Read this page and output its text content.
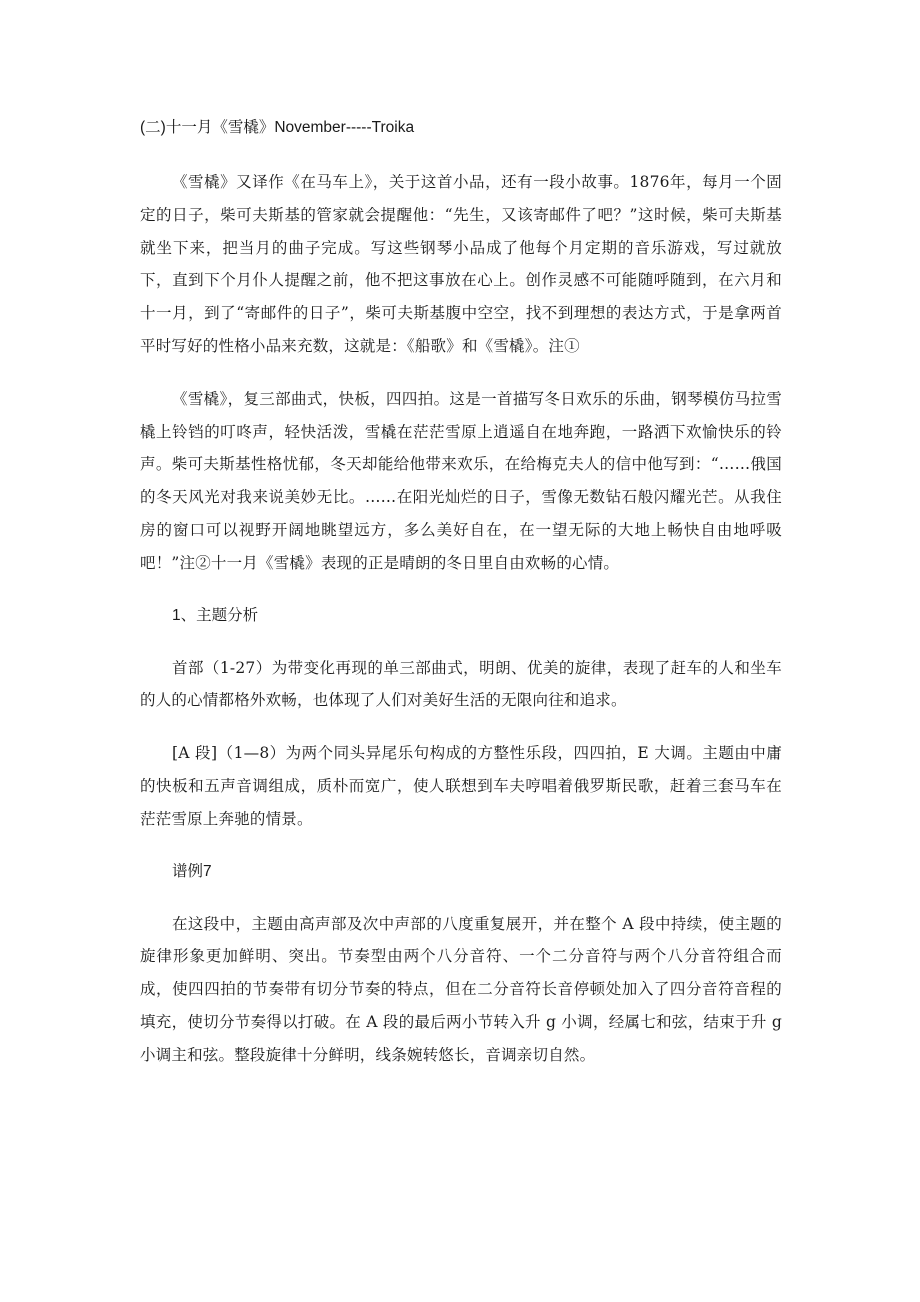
(二)十一月《雪橇》November-----Troika

《雪橇》又译作《在马车上》，关于这首小品，还有一段小故事。1876年，每月一个固定的日子，柴可夫斯基的管家就会提醒他：“先生，又该寄邮件了吧？”这时候，柴可夫斯基就坐下来，把当月的曲子完成。写这些钢琴小品成了他每个月定期的音乐游戏，写过就放下，直到下个月仆人提醒之前，他不把这事放在心上。创作灵感不可能随呼随到，在六月和十一月，到了“寄邮件的日子”，柴可夫斯基腹中空空，找不到理想的表达方式，于是拿两首平时写好的性格小品来充数，这就是：《船歌》和《雪橇》。注①

《雪橇》，复三部曲式，快板，四四拍。这是一首描写冬日欢乐的乐曲，钢琴模仿马拉雪橇上铃铛的叮咚声，轻快活泼，雪橇在茫茫雪原上逍遥自在地奔跑，一路洒下欢愉快乐的铃声。柴可夫斯基性格忧郁，冬天却能给他带来欢乐，在给梅克夫人的信中他写到：“……俄国的冬天风光对我来说美妙无比。……在阳光灿烂的日子，雪像无数钻石般闪耀光芒。从我住房的窗口可以视野开阔地眺望远方，多么美好自在，在一望无际的大地上畅快自由地呼吸吧！”注②十一月《雪橇》表现的正是晴朗的冬日里自由欢畅的心情。

1、主题分析

首部（1-27）为带变化再现的单三部曲式，明朗、优美的旋律，表现了赶车的人和坐车的人的心情都格外欢畅，也体现了人们对美好生活的无限向往和追求。

[A 段]（1—8）为两个同头异尾乐句构成的方整性乐段，四四拍，E 大调。主题由中庸的快板和五声音调组成，质朴而宽广，使人联想到车夫哼唱着俄罗斯民歌，赶着三套马车在茫茫雪原上奔驰的情景。

谱例7

在这段中，主题由高声部及次中声部的八度重复展开，并在整个 A 段中持续，使主题的旋律形象更加鲜明、突出。节奏型由两个八分音符、一个二分音符与两个八分音符组合而成，使四四拍的节奏带有切分节奏的特点，但在二分音符长音停顿处加入了四分音符音程的填充，使切分节奏得以打破。在 A 段的最后两小节转入升 g 小调，经属七和弦，结束于升 g 小调主和弦。整段旋律十分鲜明，线条婉转悠长，音调亲切自然。
